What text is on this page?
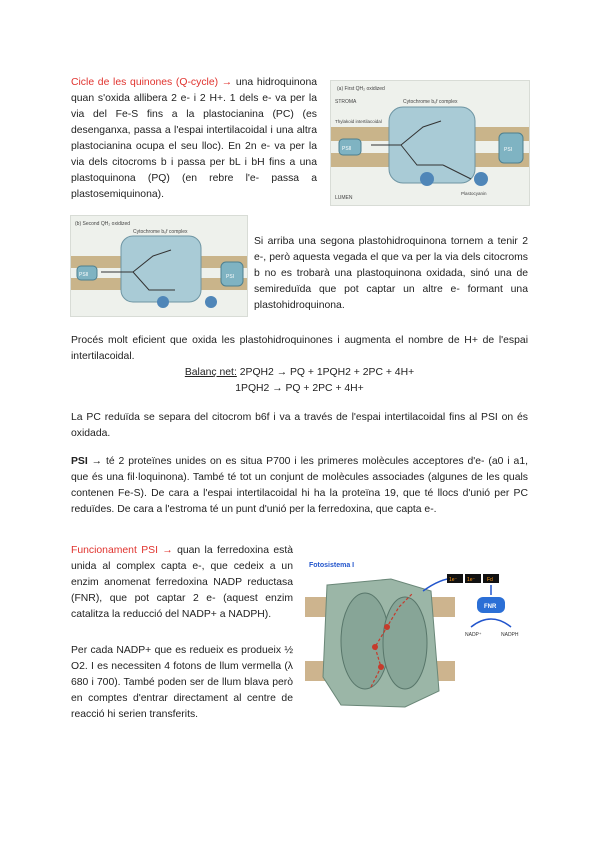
Cicle de les quinones (Q-cycle) → una hidroquinona quan s'oxida allibera 2 e- i 2 H+. 1 dels e- va per la via del Fe-S fins a la plastocianina (PC) (es desenganxa, passa a l'espai intertilacoidal i una altra plastocianina ocupa el seu lloc). En 2n e- va per la via dels citocroms b i passa per bL i bH fins a una plastoquinona (PQ) (en rebre l'e- passa a plastosemiquinona).

(a) First QH₂ oxidized
STROMA	Cytochrome b₆f complex
Thylakoid intertilacoidal
PSII	PSI
LUMEN
Plastocyanin
(b) Second QH₂ oxidized
Cytochrome b₆f complex
PSII	PSI

Si arriba una segona plastohidroquinona tornem a tenir 2 e-, però aquesta vegada el que va per la via dels citocroms b no es trobarà una plastoquinona oxidada, sinó una de semireduïda que pot captar un altre e- formant una plastohidroquinona.

Procés molt eficient que oxida les plastohidroquinones i augmenta el nombre de H+ de l'espai intertilacoidal.

Balanç net: 2PQH2 → PQ + 1PQH2 + 2PC + 4H+
1PQH2 → PQ + 2PC + 4H+

La PC reduïda se separa del citocrom b6f i va a través de l'espai intertilacoidal fins al PSI on és oxidada.

PSI → té 2 proteïnes unides on es situa P700 i les primeres molècules acceptores d'e- (a0 i a1, que és una fil·loquinona). També té tot un conjunt de molècules associades (algunes de les quals contenen Fe-S). De cara a l'espai intertilacoidal hi ha la proteïna 19, que té llocs d'unió per PC reduïdes. De cara a l'estroma té un punt d'unió per la ferredoxina, que capta e-.

Funcionament PSI → quan la ferredoxina està unida al complex capta e-, que cedeix a un enzim anomenat ferredoxina NADP reductasa (FNR), que pot captar 2 e- (aquest enzim catalitza la reducció del NADP+ a NADPH).

Per cada NADP+ que es redueix es produeix ½ O2. I es necessiten 4 fotons de llum vermella (λ 680 i 700). També poden ser de llum blava però en comptes d'entrar directament al centre de reacció hi serien transferits.

1e⁻ 1e⁻ Fd
FNR
NADP⁺	NADPH
Fotosistema I
